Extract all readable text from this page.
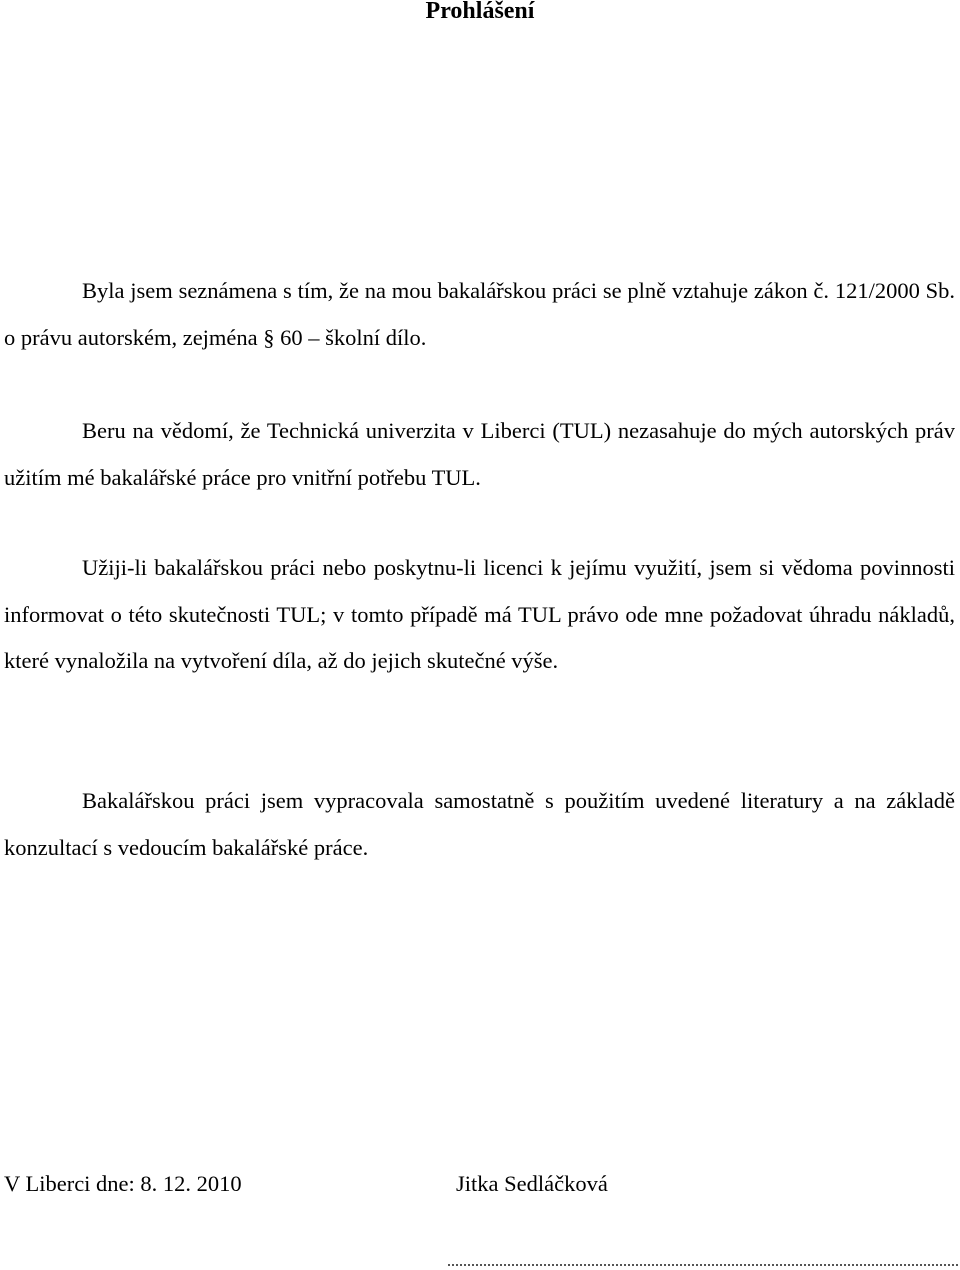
Prohlášení
Byla jsem seznámena s tím, že na mou bakalářskou práci se plně vztahuje zákon č. 121/2000 Sb. o právu autorském, zejména § 60 – školní dílo.
Beru na vědomí, že Technická univerzita v Liberci (TUL) nezasahuje do mých autorských práv užitím mé bakalářské práce pro vnitřní potřebu TUL.
Užiji-li bakalářskou práci nebo poskytnu-li licenci k jejímu využití, jsem si vědoma povinnosti informovat o této skutečnosti TUL; v tomto případě má TUL právo ode mne požadovat úhradu nákladů, které vynaložila na vytvoření díla, až do jejich skutečné výše.
Bakalářskou práci jsem vypracovala samostatně s použitím uvedené literatury a na základě konzultací s vedoucím bakalářské práce.
V Liberci dne: 8. 12. 2010	Jitka Sedláčková
